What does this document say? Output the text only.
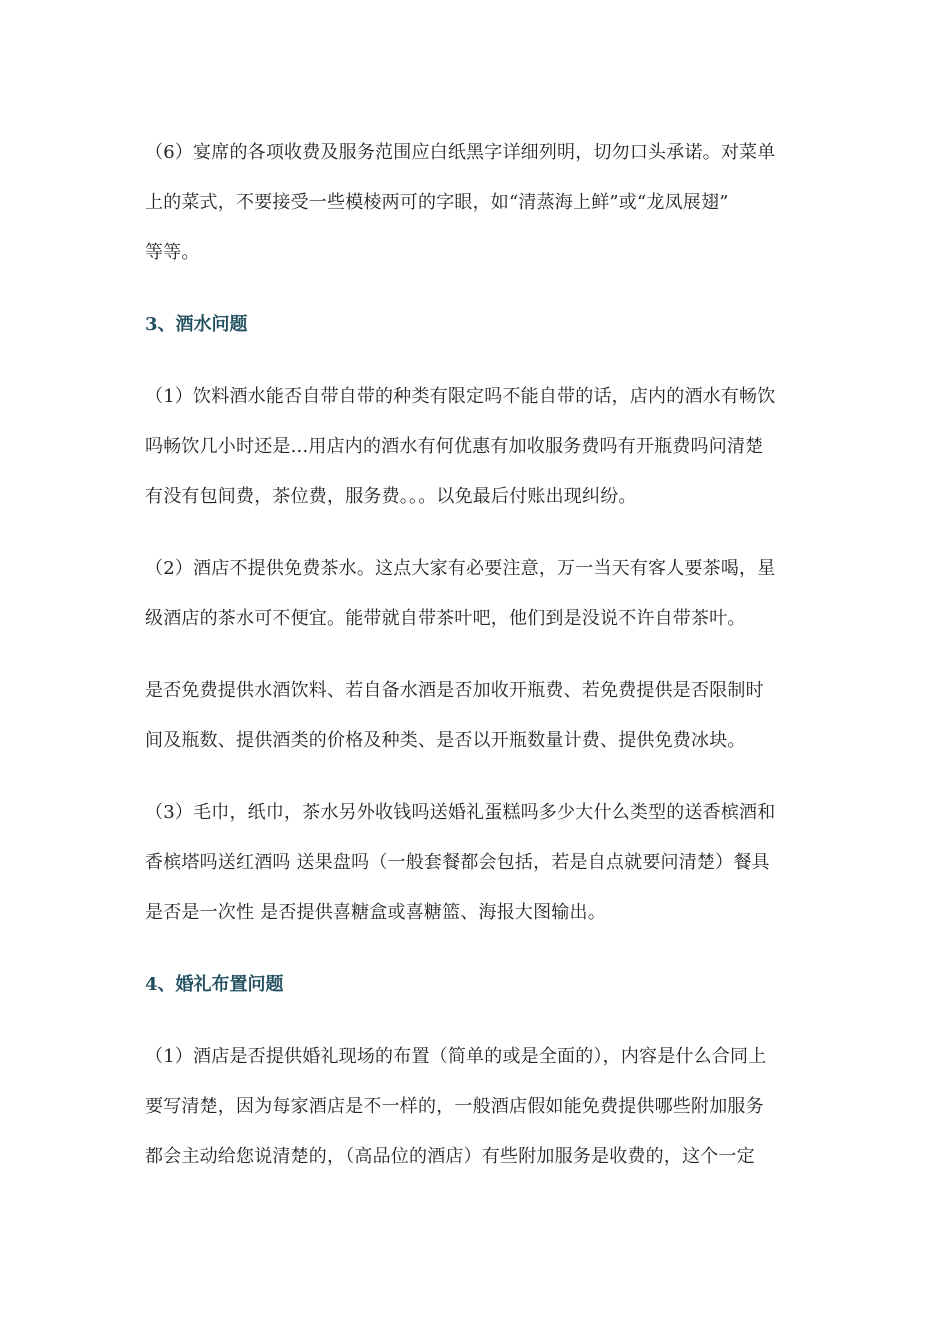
（6）宴席的各项收费及服务范围应白纸黑字详细列明，切勿口头承诺。对菜单
上的菜式，不要接受一些模棱两可的字眼，如“清蒸海上鲜”或“龙凤展翅”
等等。

3、酒水问题

（1）饮料酒水能否自带自带的种类有限定吗不能自带的话，店内的酒水有畅饮
吗畅饮几小时还是...用店内的酒水有何优惠有加收服务费吗有开瓶费吗问清楚
有没有包间费，茶位费，服务费。。。以免最后付账出现纠纷。

（2）酒店不提供免费茶水。这点大家有必要注意，万一当天有客人要茶喝，星
级酒店的茶水可不便宜。能带就自带茶叶吧，他们到是没说不许自带茶叶。

是否免费提供水酒饮料、若自备水酒是否加收开瓶费、若免费提供是否限制时
间及瓶数、提供酒类的价格及种类、是否以开瓶数量计费、提供免费冰块。

（3）毛巾，纸巾，茶水另外收钱吗送婚礼蛋糕吗多少大什么类型的送香槟酒和
香槟塔吗送红酒吗 送果盘吗（一般套餐都会包括，若是自点就要问清楚）餐具
是否是一次性 是否提供喜糖盒或喜糖篮、海报大图输出。

4、婚礼布置问题

（1）酒店是否提供婚礼现场的布置（简单的或是全面的），内容是什么合同上
要写清楚，因为每家酒店是不一样的，一般酒店假如能免费提供哪些附加服务
都会主动给您说清楚的，（高品位的酒店）有些附加服务是收费的，这个一定
